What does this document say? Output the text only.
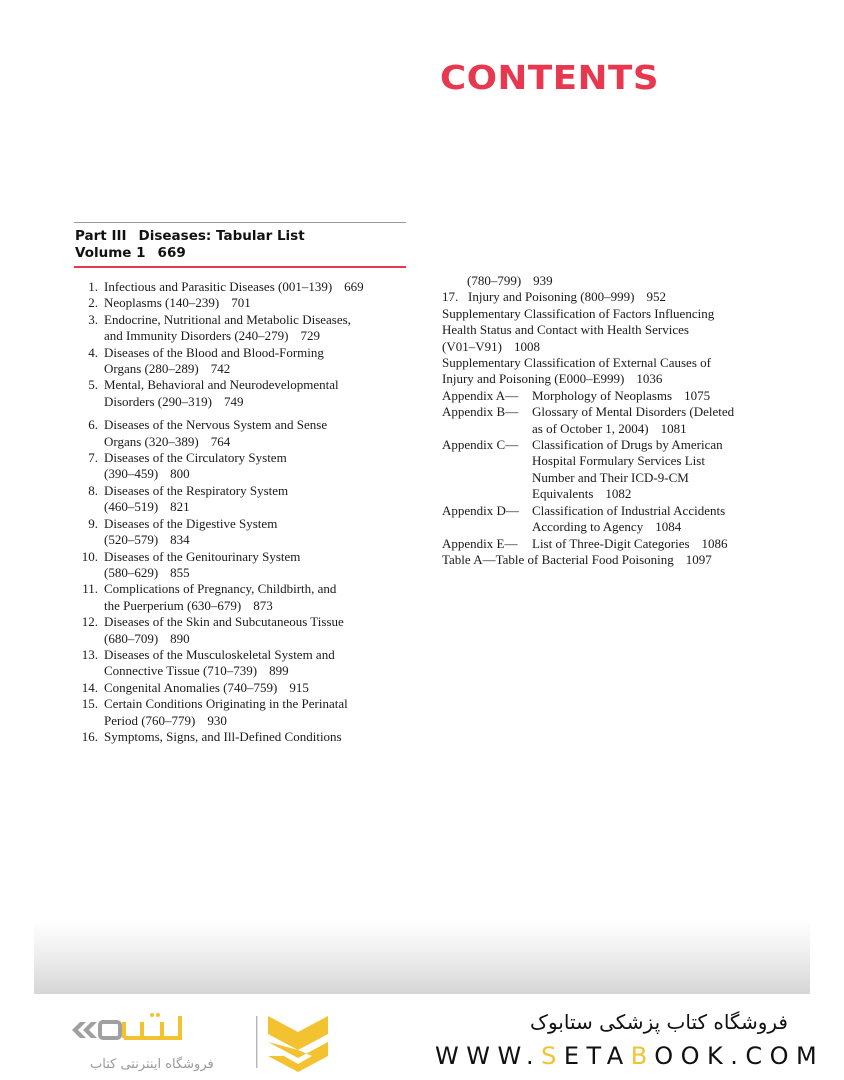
CONTENTS
Part III Diseases: Tabular List
Volume 1 669
1. Infectious and Parasitic Diseases (001–139) 669
2. Neoplasms (140–239) 701
3. Endocrine, Nutritional and Metabolic Diseases,
and Immunity Disorders (240–279) 729
4. Diseases of the Blood and Blood-Forming
Organs (280–289) 742
5. Mental, Behavioral and Neurodevelopmental
Disorders (290–319) 749
6. Diseases of the Nervous System and Sense
Organs (320–389) 764
7. Diseases of the Circulatory System
(390–459) 800
8. Diseases of the Respiratory System
(460–519) 821
9. Diseases of the Digestive System
(520–579) 834
10. Diseases of the Genitourinary System
(580–629) 855
11. Complications of Pregnancy, Childbirth, and
the Puerperium (630–679) 873
12. Diseases of the Skin and Subcutaneous Tissue
(680–709) 890
13. Diseases of the Musculoskeletal System and
Connective Tissue (710–739) 899
14. Congenital Anomalies (740–759) 915
15. Certain Conditions Originating in the Perinatal
Period (760–779) 930
16. Symptoms, Signs, and Ill-Defined Conditions
(780–799) 939
17. Injury and Poisoning (800–999) 952
Supplementary Classification of Factors Influencing
Health Status and Contact with Health Services
(V01–V91) 1008
Supplementary Classification of External Causes of
Injury and Poisoning (E000–E999) 1036
Appendix A— Morphology of Neoplasms 1075
Appendix B— Glossary of Mental Disorders (Deleted
as of October 1, 2004) 1081
Appendix C— Classification of Drugs by American
Hospital Formulary Services List
Number and Their ICD-9-CM
Equivalents 1082
Appendix D— Classification of Industrial Accidents
According to Agency 1084
Appendix E— List of Three-Digit Categories 1086
Table A—Table of Bacterial Food Poisoning 1097
فروشگاه اینترنتی کتاب
فروشگاه کتاب پزشکی ستابوک
WWW.SETABOOK.COM
